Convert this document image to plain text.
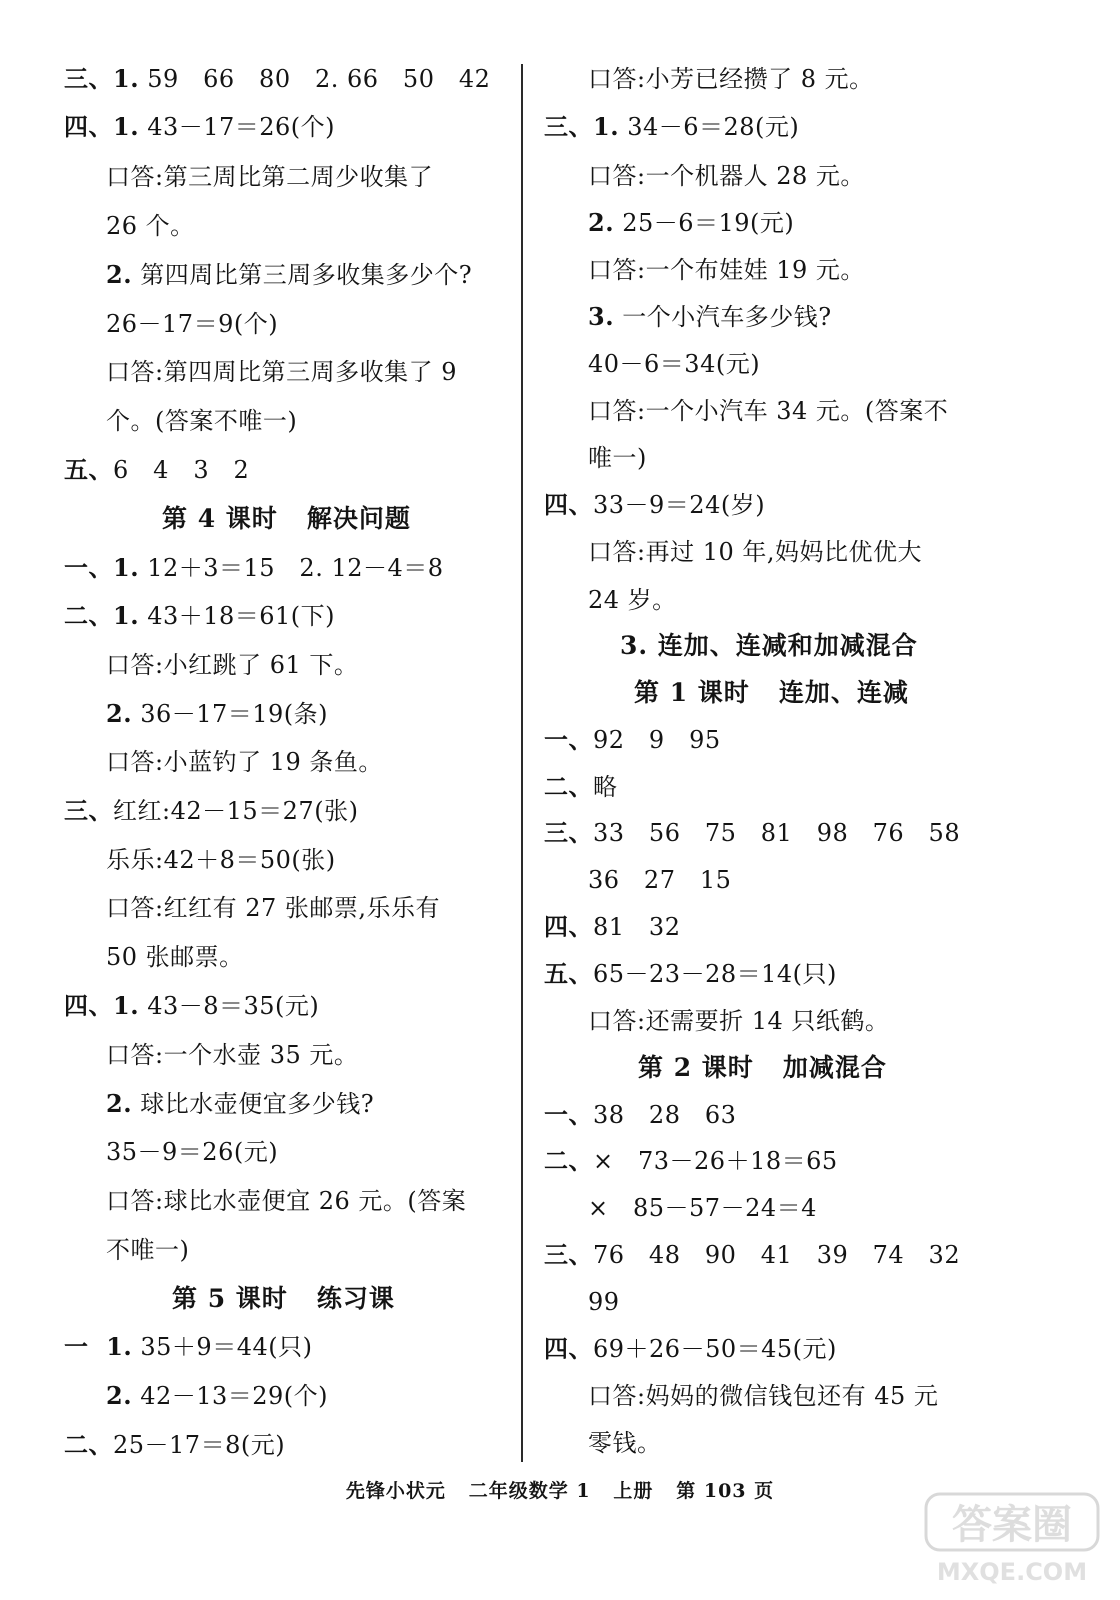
三、1. 59   66   80   2. 66   50   42
四、1. 43－17＝26(个)
口答:第三周比第二周少收集了
26 个。
2. 第四周比第三周多收集多少个?
26－17＝9(个)
口答:第四周比第三周多收集了 9
个。(答案不唯一)
五、6   4   3   2
第 4 课时   解决问题
一、1. 12＋3＝15   2. 12－4＝8
二、1. 43＋18＝61(下)
口答:小红跳了 61 下。
2. 36－17＝19(条)
口答:小蓝钓了 19 条鱼。
三、红红:42－15＝27(张)
乐乐:42＋8＝50(张)
口答:红红有 27 张邮票,乐乐有
50 张邮票。
四、1. 43－8＝35(元)
口答:一个水壶 35 元。
2. 球比水壶便宜多少钱?
35－9＝26(元)
口答:球比水壶便宜 26 元。(答案
不唯一)
第 5 课时   练习课
一  1. 35＋9＝44(只)
2. 42－13＝29(个)
二、25－17＝8(元)
口答:小芳已经攒了 8 元。
三、1. 34－6＝28(元)
口答:一个机器人 28 元。
2. 25－6＝19(元)
口答:一个布娃娃 19 元。
3. 一个小汽车多少钱?
40－6＝34(元)
口答:一个小汽车 34 元。(答案不
唯一)
四、33－9＝24(岁)
口答:再过 10 年,妈妈比优优大
24 岁。
3. 连加、连减和加减混合
第 1 课时   连加、连减
一、92   9   95
二、略
三、33   56   75   81   98   76   58
36   27   15
四、81   32
五、65－23－28＝14(只)
口答:还需要折 14 只纸鹤。
第 2 课时   加减混合
一、38   28   63
二、×   73－26＋18＝65
×   85－57－24＝4
三、76   48   90   41   39   74   32
99
四、69＋26－50＝45(元)
口答:妈妈的微信钱包还有 45 元
零钱。
先锋小状元   二年级数学 1   上册   第 103 页
答案圈
MXQE.COM
